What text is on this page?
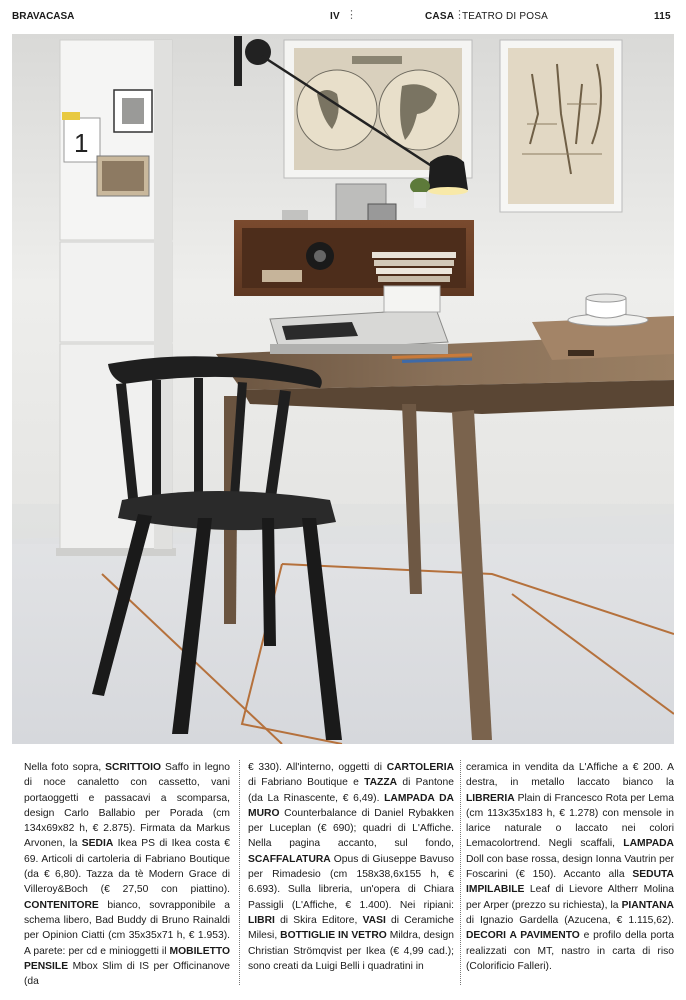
BRAVACASA	IV ⋮	CASA ⋮
TEATRO DI POSA	115
1
Nella foto sopra, SCRITTOIO Saffo in legno di noce canaletto con cassetto, vani portaoggetti e passacavi a scomparsa, design Carlo Ballabio per Porada (cm 134x69x82 h, € 2.875). Firmata da Markus Arvonen, la SEDIA Ikea PS di Ikea costa € 69. Articoli di cartoleria di Fabriano Boutique (da € 6,80). Tazza da tè Modern Grace di Villeroy&Boch (€ 27,50 con piattino). CONTENITORE bianco, sovrapponibile a schema libero, Bad Buddy di Bruno Rainaldi per Opinion Ciatti (cm 35x35x71 h, € 1.953). A parete: per cd e minioggetti il MOBILETTO PENSILE Mbox Slim di IS per Officinanove (da
€ 330). All'interno, oggetti di CARTOLERIA di Fabriano Boutique e TAZZA di Pantone (da La Rinascente, € 6,49). LAMPADA DA MURO Counterbalance di Daniel Rybakken per Luceplan (€ 690); quadri di L'Affiche. Nella pagina accanto, sul fondo, SCAFFALATURA Opus di Giuseppe Bavuso per Rimadesio (cm 158x38,6x155 h, € 6.693). Sulla libreria, un'opera di Chiara Passigli (L'Affiche, € 1.400). Nei ripiani: LIBRI di Skira Editore, VASI di Ceramiche Milesi, BOTTIGLIE IN VETRO Mildra, design Christian Strömqvist per Ikea (€ 4,99 cad.); sono creati da Luigi Belli i quadratini in
ceramica in vendita da L'Affiche a € 200. A destra, in metallo laccato bianco la LIBRERIA Plain di Francesco Rota per Lema (cm 113x35x183 h, € 1.278) con mensole in larice naturale o laccato nei colori Lemacolortrend. Negli scaffali, LAMPADA Doll con base rossa, design Ionna Vautrin per Foscarini (€ 150). Accanto alla SEDUTA IMPILABILE Leaf di Lievore Altherr Molina per Arper (prezzo su richiesta), la PIANTANA di Ignazio Gardella (Azucena, € 1.115,62). DECORI A PAVIMENTO e profilo della porta realizzati con MT, nastro in carta di riso (Colorificio Falleri).
